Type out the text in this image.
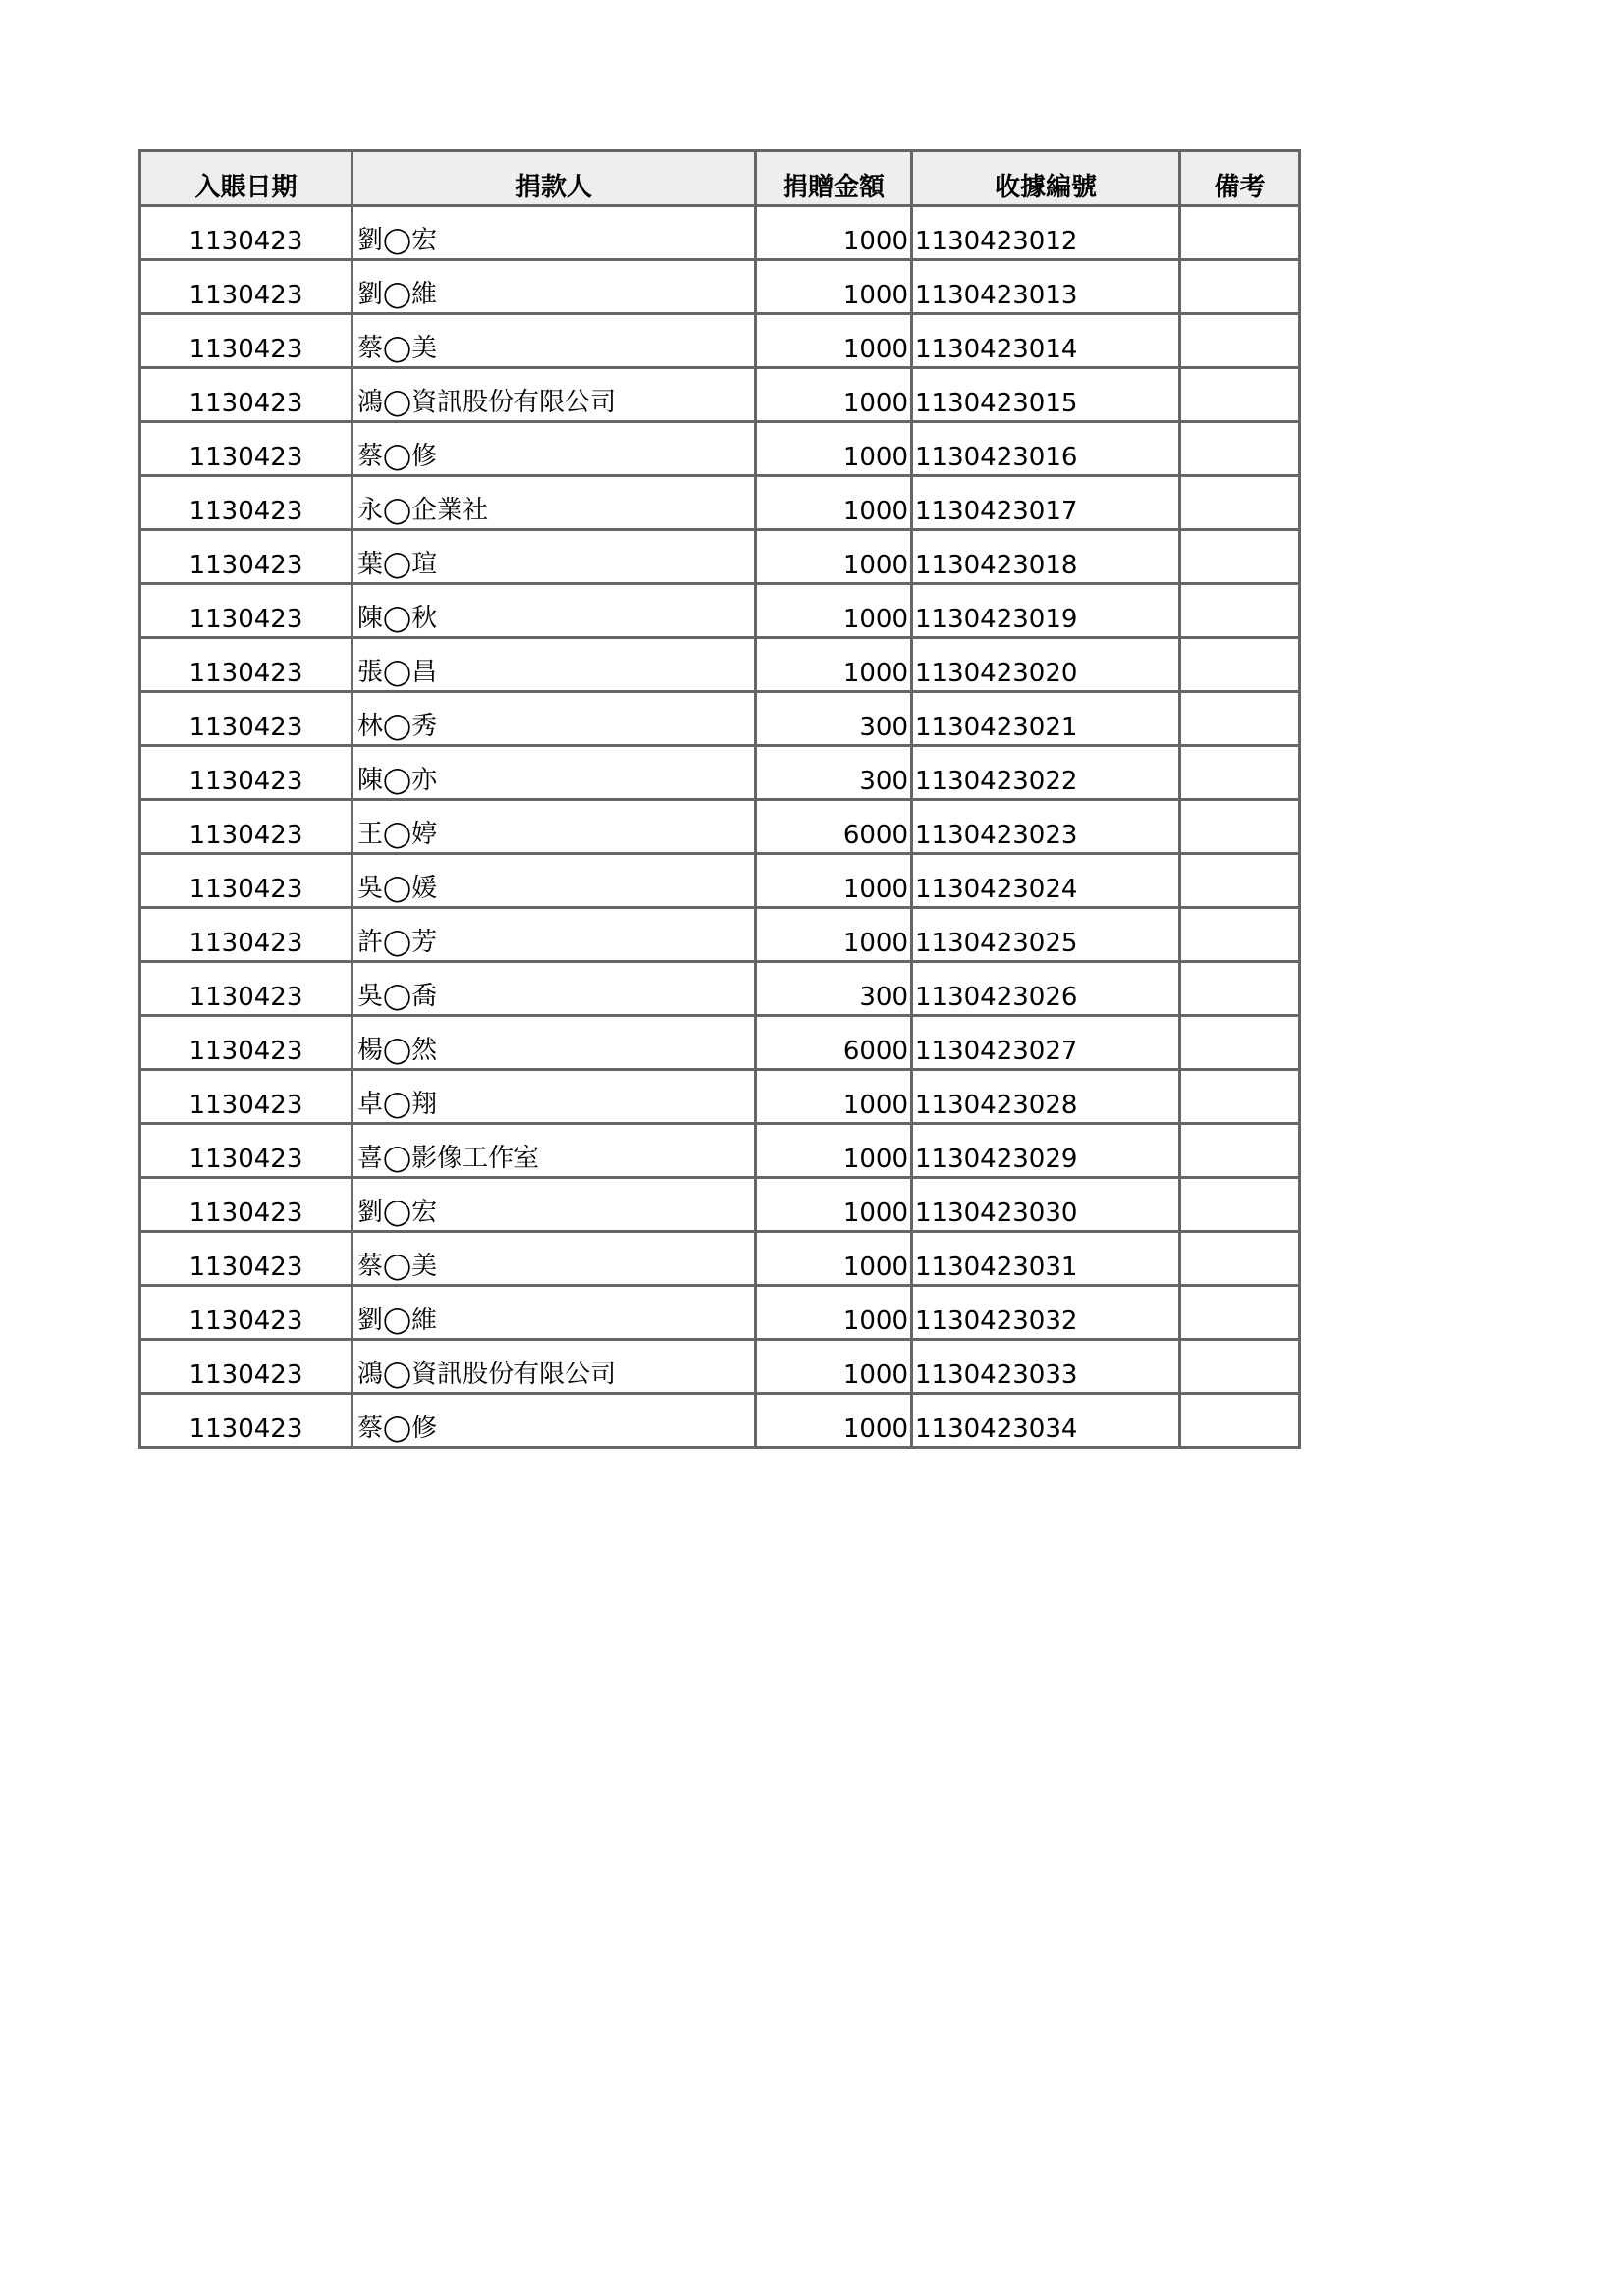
入賬日期	捐款人	捐贈金額	收據編號	備考
1130423	劉◯宏	1000	1130423012	
1130423	劉◯維	1000	1130423013	
1130423	蔡◯美	1000	1130423014	
1130423	鴻◯資訊股份有限公司	1000	1130423015	
1130423	蔡◯修	1000	1130423016	
1130423	永◯企業社	1000	1130423017	
1130423	葉◯瑄	1000	1130423018	
1130423	陳◯秋	1000	1130423019	
1130423	張◯昌	1000	1130423020	
1130423	林◯秀	300	1130423021	
1130423	陳◯亦	300	1130423022	
1130423	王◯婷	6000	1130423023	
1130423	吳◯媛	1000	1130423024	
1130423	許◯芳	1000	1130423025	
1130423	吳◯喬	300	1130423026	
1130423	楊◯然	6000	1130423027	
1130423	卓◯翔	1000	1130423028	
1130423	喜◯影像工作室	1000	1130423029	
1130423	劉◯宏	1000	1130423030	
1130423	蔡◯美	1000	1130423031	
1130423	劉◯維	1000	1130423032	
1130423	鴻◯資訊股份有限公司	1000	1130423033	
1130423	蔡◯修	1000	1130423034	
